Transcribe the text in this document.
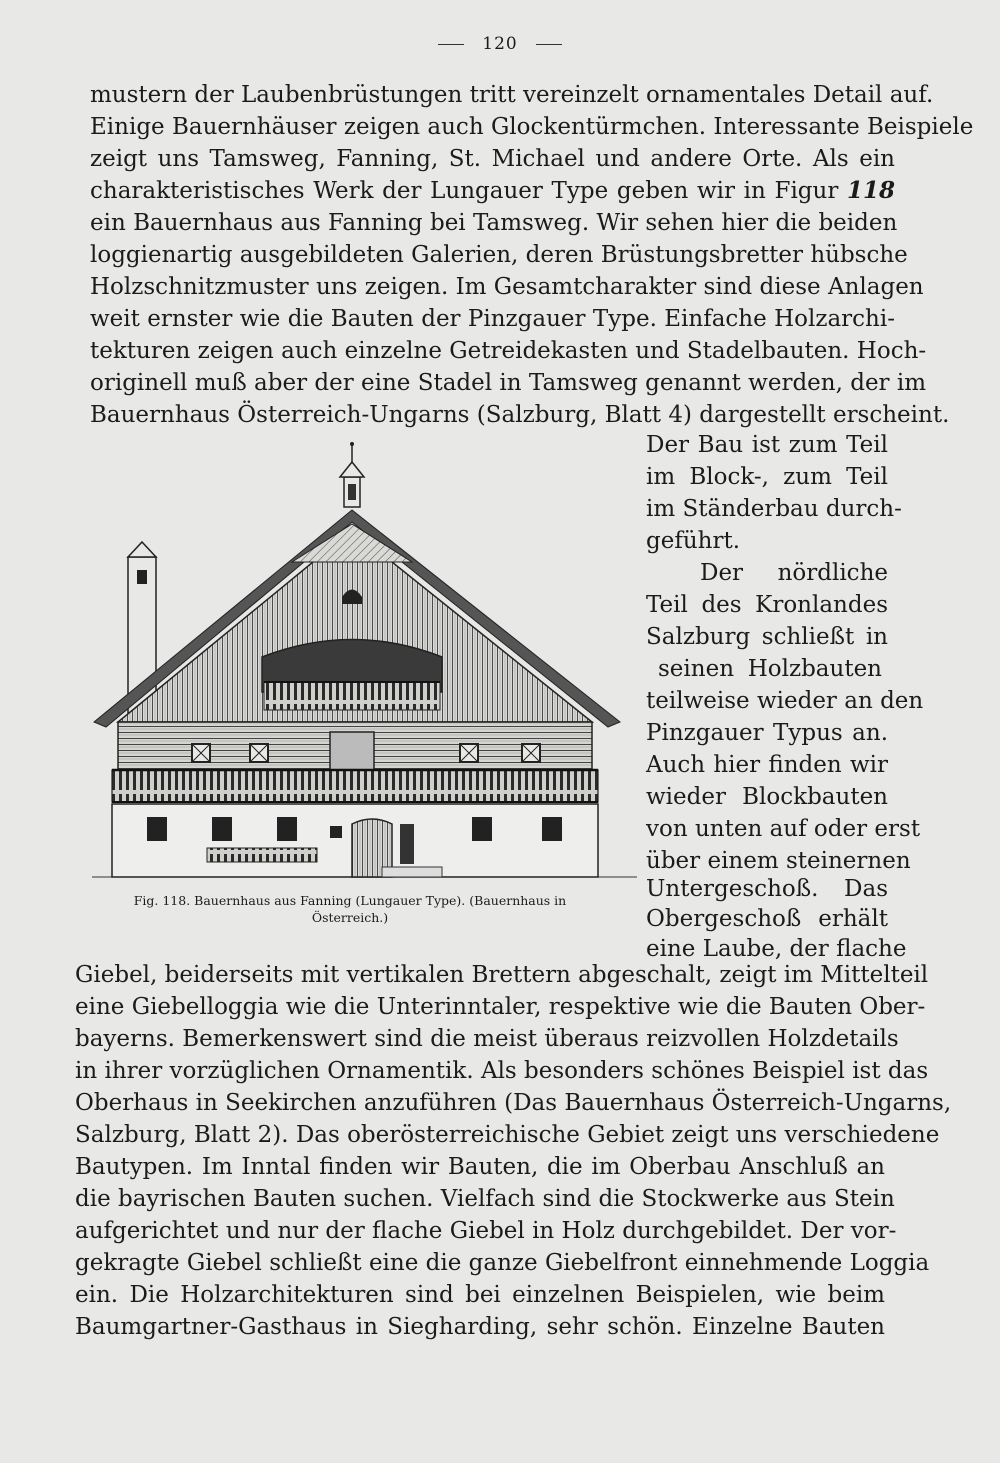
120
mustern der Laubenbrüstungen tritt vereinzelt ornamentales Detail auf.
Einige Bauernhäuser zeigen auch Glockentürmchen. Interessante Beispiele
zeigt uns Tamsweg, Fanning, St. Michael und andere Orte. Als ein
charakteristisches Werk der Lungauer Type geben wir in Figur 118
ein Bauernhaus aus Fanning bei Tamsweg. Wir sehen hier die beiden
loggienartig ausgebildeten Galerien, deren Brüstungsbretter hübsche
Holzschnitzmuster uns zeigen. Im Gesamtcharakter sind diese Anlagen
weit ernster wie die Bauten der Pinzgauer Type. Einfache Holzarchi-
tekturen zeigen auch einzelne Getreidekasten und Stadelbauten. Hoch-
originell muß aber der eine Stadel in Tamsweg genannt werden, der im
Bauernhaus Österreich-Ungarns (Salzburg, Blatt 4) dargestellt erscheint.
Der Bau ist zum Teil
im Block-, zum Teil
im Ständerbau durch-
geführt.
Der nördliche
Teil des Kronlandes
Salzburg schließt in
seinen Holzbauten
teilweise wieder an den
Pinzgauer Typus an.
Auch hier finden wir
wieder Blockbauten
von unten auf oder erst
über einem steinernen
Untergeschoß. Das
Obergeschoß erhält
eine Laube, der flache
Fig. 118. Bauernhaus aus Fanning (Lungauer Type). (Bauernhaus in
Österreich.)
Giebel, beiderseits mit vertikalen Brettern abgeschalt, zeigt im Mittelteil
eine Giebelloggia wie die Unterinntaler, respektive wie die Bauten Ober-
bayerns. Bemerkenswert sind die meist überaus reizvollen Holzdetails
in ihrer vorzüglichen Ornamentik. Als besonders schönes Beispiel ist das
Oberhaus in Seekirchen anzuführen (Das Bauernhaus Österreich-Ungarns,
Salzburg, Blatt 2). Das oberösterreichische Gebiet zeigt uns verschiedene
Bautypen. Im Inntal finden wir Bauten, die im Oberbau Anschluß an
die bayrischen Bauten suchen. Vielfach sind die Stockwerke aus Stein
aufgerichtet und nur der flache Giebel in Holz durchgebildet. Der vor-
gekragte Giebel schließt eine die ganze Giebelfront einnehmende Loggia
ein. Die Holzarchitekturen sind bei einzelnen Beispielen, wie beim
Baumgartner-Gasthaus in Siegharding, sehr schön. Einzelne Bauten
